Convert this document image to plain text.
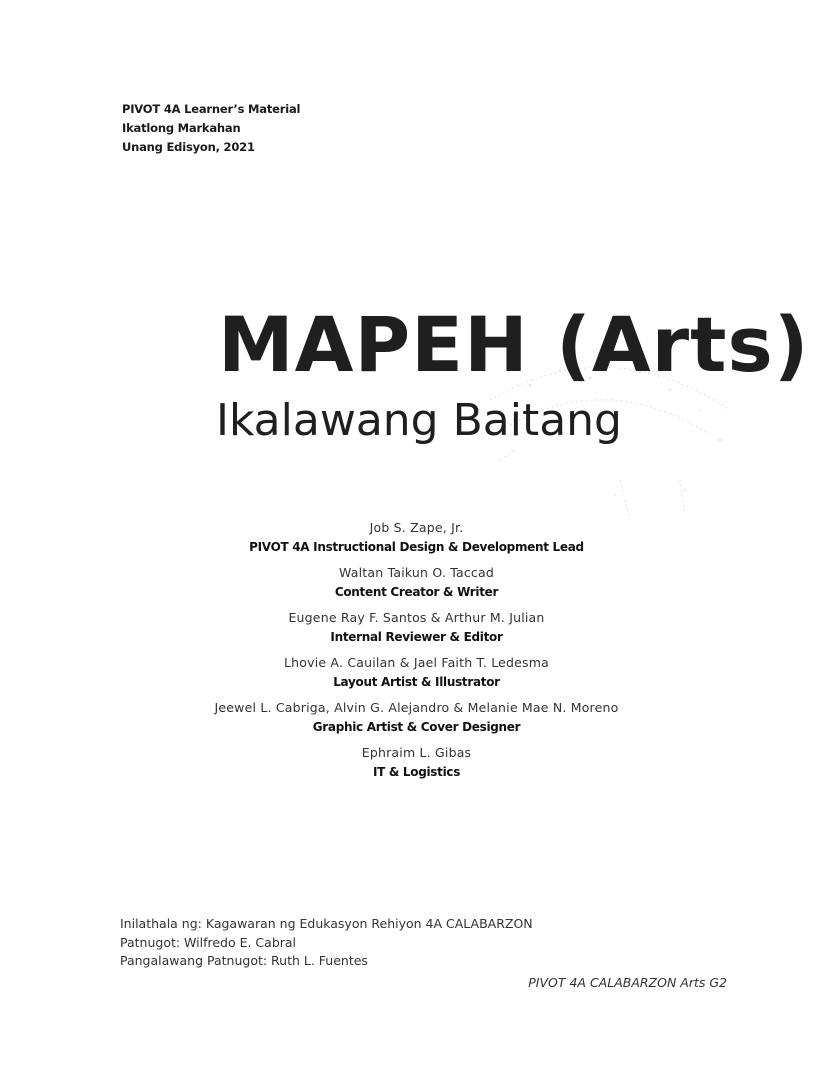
PIVOT 4A Learner’s Material
Ikatlong Markahan
Unang Edisyon, 2021
MAPEH (Arts)
Ikalawang Baitang
Job S. Zape, Jr.
PIVOT 4A Instructional Design & Development Lead
Waltan Taikun O. Taccad
Content Creator & Writer
Eugene Ray F. Santos & Arthur M. Julian
Internal Reviewer & Editor
Lhovie A. Cauilan & Jael Faith T. Ledesma
Layout Artist & Illustrator
Jeewel L. Cabriga, Alvin G. Alejandro & Melanie Mae N. Moreno
Graphic Artist & Cover Designer
Ephraim L. Gibas
IT & Logistics
Inilathala ng: Kagawaran ng Edukasyon Rehiyon 4A CALABARZON
Patnugot: Wilfredo E. Cabral
Pangalawang Patnugot: Ruth L. Fuentes
PIVOT 4A CALABARZON Arts G2
